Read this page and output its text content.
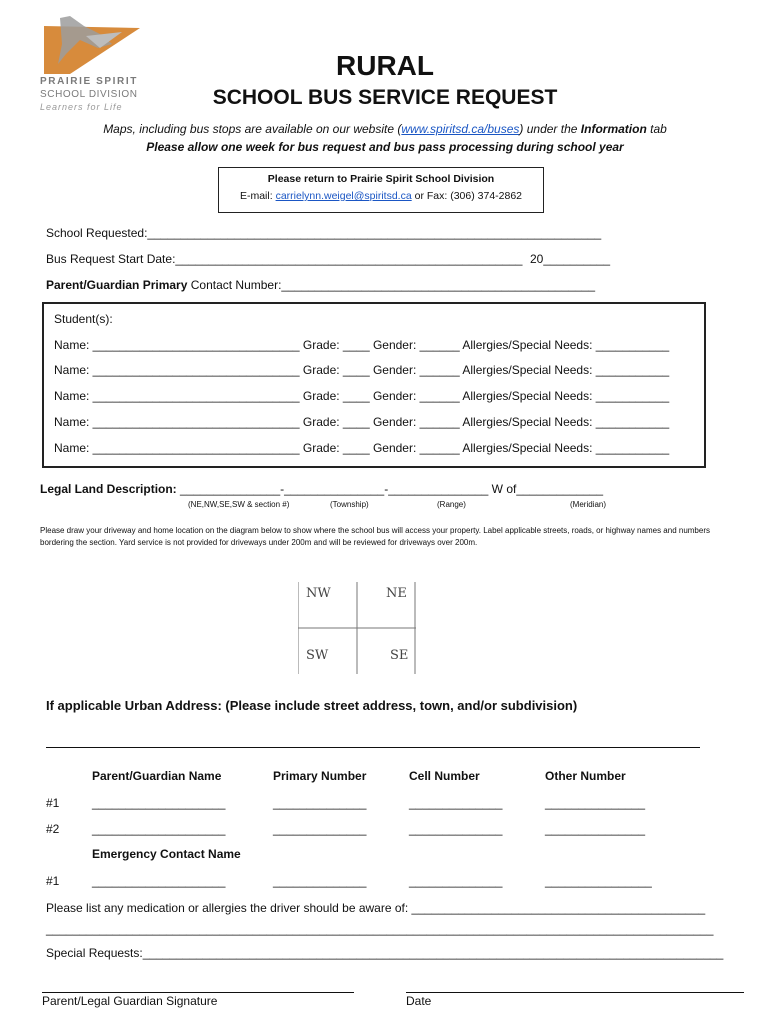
PRAIRIE SPIRIT
SCHOOL DIVISION
Learners for Life
RURAL
SCHOOL BUS SERVICE REQUEST
Maps, including bus stops are available on our website (www.spiritsd.ca/buses) under the Information tab
Please allow one week for bus request and bus pass processing during school year
Please return to Prairie Spirit School Division
E-mail: carrielynn.weigel@spiritsd.ca or Fax: (306) 374-2862
School Requested:____________________________________________________________________
Bus Request Start Date:____________________________________________________ 20__________
Parent/Guardian Primary Contact Number:_______________________________________________
Student(s):
Name: _______________________________ Grade: ____ Gender: ______ Allergies/Special Needs: ___________
Name: _______________________________ Grade: ____ Gender: ______ Allergies/Special Needs: ___________
Name: _______________________________ Grade: ____ Gender: ______ Allergies/Special Needs: ___________
Name: _______________________________ Grade: ____ Gender: ______ Allergies/Special Needs: ___________
Name: _______________________________ Grade: ____ Gender: ______ Allergies/Special Needs: ___________
Legal Land Description: _______________-_______________-_______________ W of_____________
(NE,NW,SE,SW & section #)	(Township)	(Range)	(Meridian)
Please draw your driveway and home location on the diagram below to show where the school bus will access your property. Label applicable streets, roads, or highway names and numbers bordering the section. Yard service is not provided for driveways under 200m and will be reviewed for driveways over 200m.
NW	NE
SW	SE
If applicable Urban Address: (Please include street address, town, and/or subdivision)
Parent/Guardian Name	Primary Number	Cell Number	Other Number
#1	____________________	______________	______________	_______________
#2	____________________	______________	______________	_______________
Emergency Contact Name
#1	____________________	______________	______________	________________
Please list any medication or allergies the driver should be aware of: ____________________________________________
____________________________________________________________________________________________________
Special Requests:_______________________________________________________________________________________
Parent/Legal Guardian Signature	Date
